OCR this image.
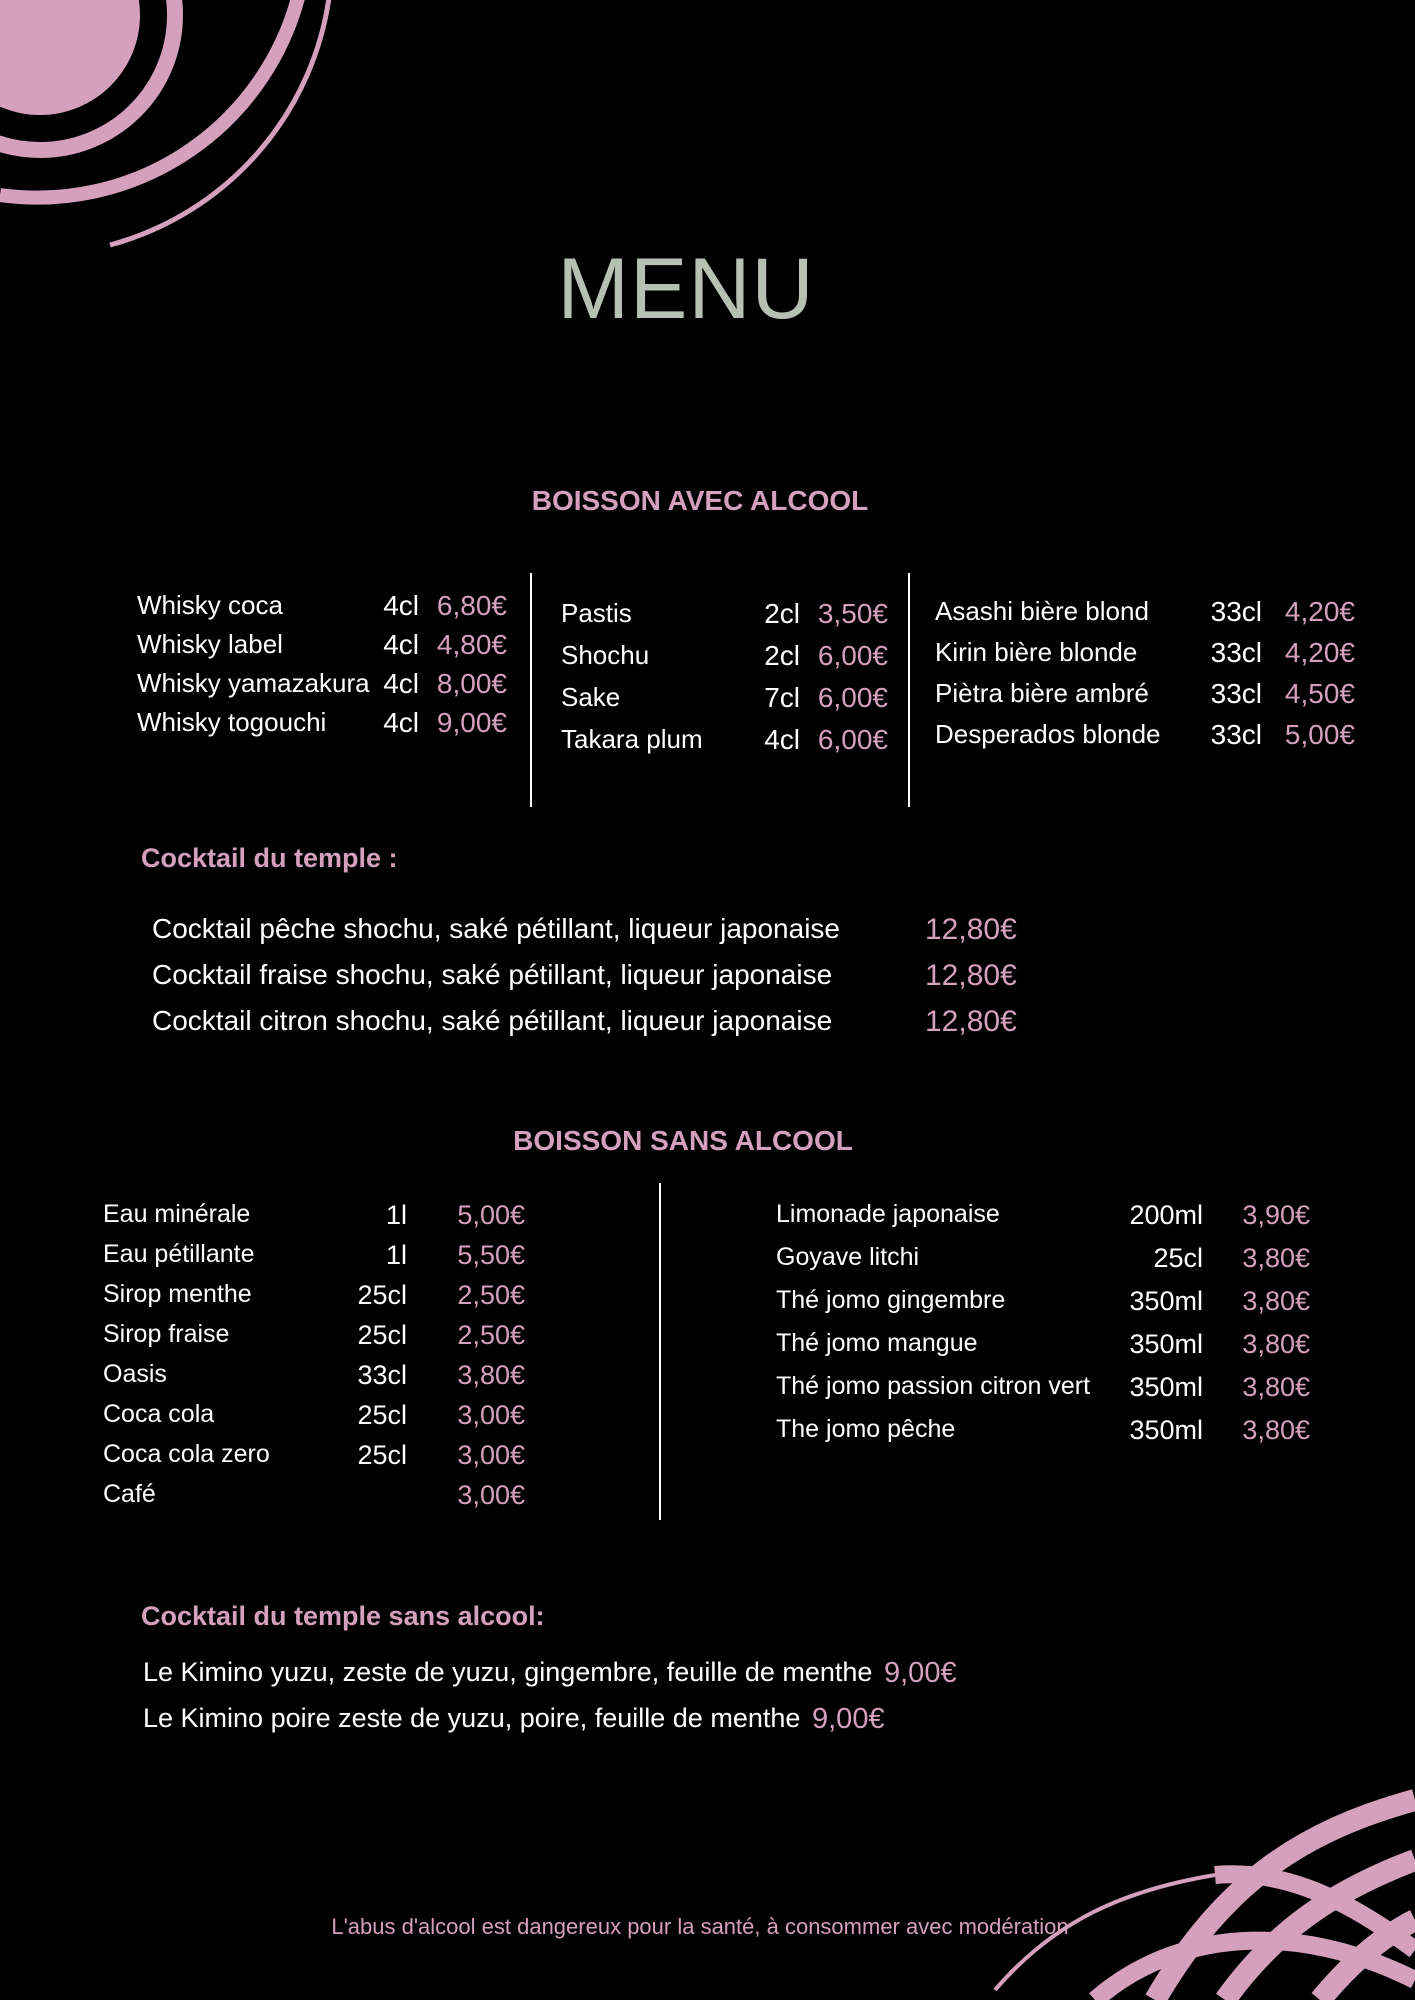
MENU
BOISSON AVEC ALCOOL
Whisky coca	4cl 6,80€
Whisky label	4cl 4,80€
Whisky yamazakura 4cl 8,00€
Whisky togouchi 4cl 9,00€
Pastis	2cl 3,50€
Shochu	2cl 6,00€
Sake	7cl 6,00€
Takara plum 4cl 6,00€
Asashi bière blond 33cl 4,20€
Kirin bière blonde	33cl 4,20€
Piètra bière ambré 33cl 4,50€
Desperados blonde 33cl 5,00€
Cocktail du temple :
Cocktail pêche shochu, saké pétillant, liqueur japonaise	12,80€
Cocktail fraise shochu, saké pétillant, liqueur japonaise	12,80€
Cocktail citron shochu, saké pétillant, liqueur japonaise	12,80€
BOISSON SANS ALCOOL
Eau minérale	1l 5,00€
Eau pétillante	1l 5,50€
Sirop menthe	25cl 2,50€
Sirop fraise	25cl 2,50€
Oasis	33cl 3,80€
Coca cola	25cl 3,00€
Coca cola zero	25cl 3,00€
Café	3,00€
Limonade japonaise	200ml 3,90€
Goyave litchi	25cl 3,80€
Thé jomo gingembre	350ml 3,80€
Thé jomo mangue	350ml 3,80€
Thé jomo passion citron vert 350ml 3,80€
The jomo pêche	350ml 3,80€
Cocktail du temple sans alcool:
Le Kimino yuzu, zeste de yuzu, gingembre, feuille de menthe 9,00€
Le Kimino poire zeste de yuzu, poire, feuille de menthe 9,00€
L'abus d'alcool est dangereux pour la santé, à consommer avec modération
